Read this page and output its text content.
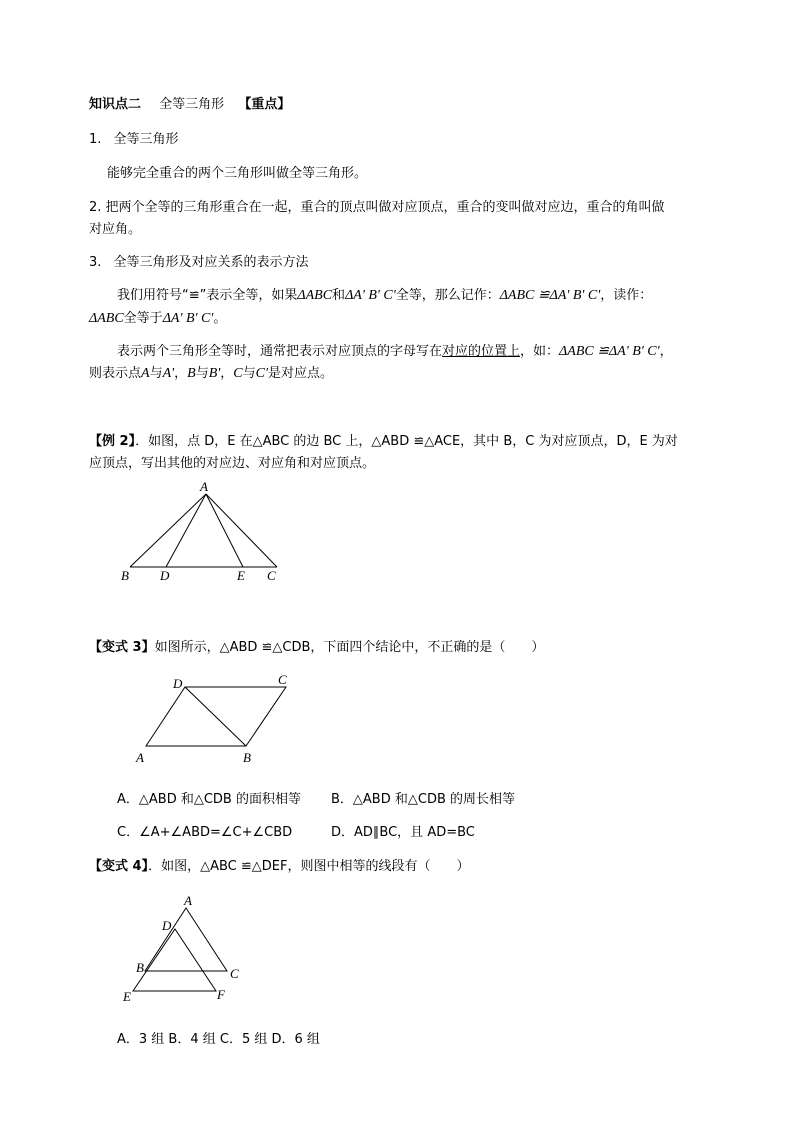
知识点二 全等三角形 【重点】
1. 全等三角形
能够完全重合的两个三角形叫做全等三角形。
2. 把两个全等的三角形重合在一起，重合的顶点叫做对应顶点，重合的变叫做对应边，重合的角叫做
对应角。
3. 全等三角形及对应关系的表示方法
我们用符号“≌”表示全等，如果ΔABC和ΔA' B' C'全等，那么记作：ΔABC ≌ΔA' B' C'，读作：
ΔABC全等于ΔA' B' C'。
表示两个三角形全等时，通常把表示对应顶点的字母写在对应的位置上，如：ΔABC ≌ΔA' B' C'，
则表示点A与A'，B与B'，C与C'是对应点。
【例 2】．如图，点 D，E 在△ABC 的边 BC 上，△ABD ≌△ACE，其中 B，C 为对应顶点，D，E 为对
应顶点，写出其他的对应边、对应角和对应顶点。
A
B D	E C
【变式 3】如图所示，△ABD ≌△CDB，下面四个结论中，不正确的是（　　）
D	C
A	B
A．△ABD 和△CDB 的面积相等 B．△ABD 和△CDB 的周长相等
C．∠A+∠ABD=∠C+∠CBD	D．AD∥BC，且 AD=BC
【变式 4】．如图，△ABC ≌△DEF，则图中相等的线段有（　　）
A
D
B	C
E	F
A．3 组 B．4 组 C．5 组 D．6 组
